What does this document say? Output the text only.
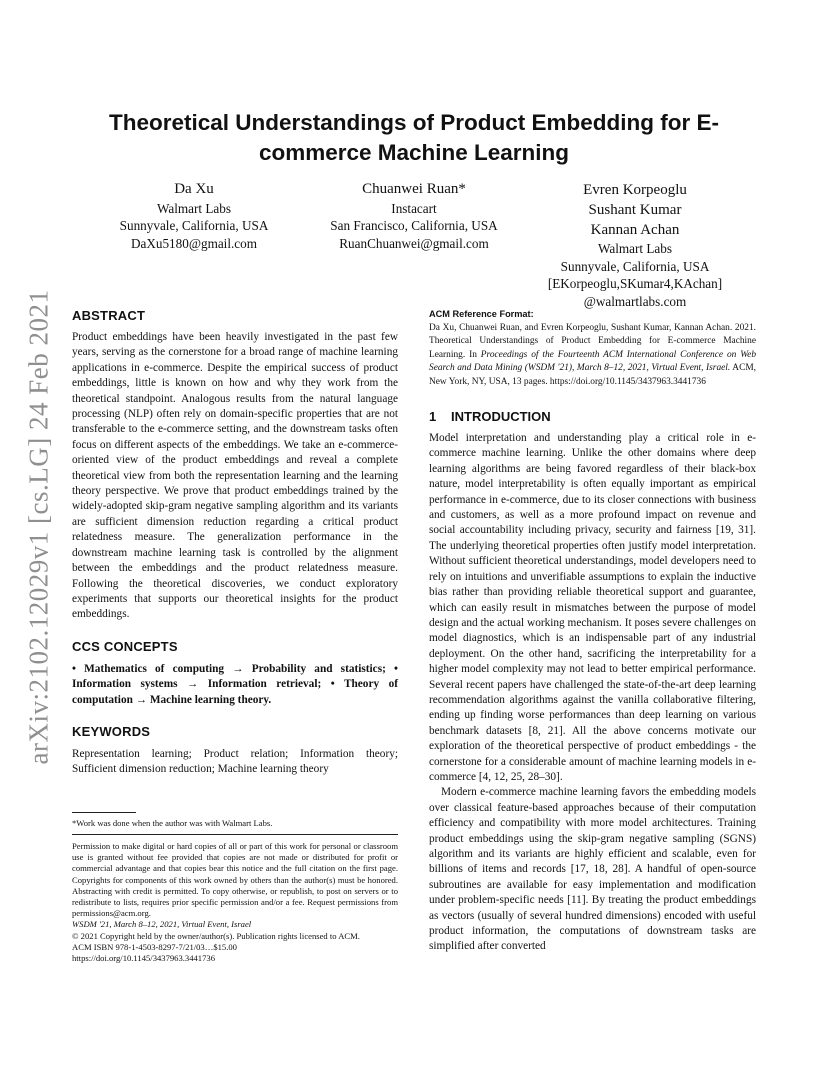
arXiv:2102.12029v1 [cs.LG] 24 Feb 2021
Theoretical Understandings of Product Embedding for E-commerce Machine Learning
Da Xu
Walmart Labs
Sunnyvale, California, USA
DaXu5180@gmail.com
Chuanwei Ruan*
Instacart
San Francisco, California, USA
RuanChuanwei@gmail.com
Evren Korpeoglu
Sushant Kumar
Kannan Achan
Walmart Labs
Sunnyvale, California, USA
[EKorpeoglu,SKumar4,KAchan]
@walmartlabs.com
ABSTRACT

Product embeddings have been heavily investigated in the past few years, serving as the cornerstone for a broad range of machine learning applications in e-commerce. Despite the empirical success of product embeddings, little is known on how and why they work from the theoretical standpoint. Analogous results from the natural language processing (NLP) often rely on domain-specific properties that are not transferable to the e-commerce setting, and the downstream tasks often focus on different aspects of the embeddings. We take an e-commerce-oriented view of the product embeddings and reveal a complete theoretical view from both the representation learning and the learning theory perspective. We prove that product embeddings trained by the widely-adopted skip-gram negative sampling algorithm and its variants are sufficient dimension reduction regarding a critical product relatedness measure. The generalization performance in the downstream machine learning task is controlled by the alignment between the embeddings and the product relatedness measure. Following the theoretical discoveries, we conduct exploratory experiments that supports our theoretical insights for the product embeddings.

CCS CONCEPTS

• Mathematics of computing → Probability and statistics; • Information systems → Information retrieval; • Theory of computation → Machine learning theory.

KEYWORDS

Representation learning; Product relation; Information theory; Sufficient dimension reduction; Machine learning theory

*Work was done when the author was with Walmart Labs.

Permission to make digital or hard copies of all or part of this work for personal or classroom use is granted without fee provided that copies are not made or distributed for profit or commercial advantage and that copies bear this notice and the full citation on the first page. Copyrights for components of this work owned by others than the author(s) must be honored. Abstracting with credit is permitted. To copy otherwise, or republish, to post on servers or to redistribute to lists, requires prior specific permission and/or a fee. Request permissions from permissions@acm.org.

WSDM '21, March 8–12, 2021, Virtual Event, Israel

© 2021 Copyright held by the owner/author(s). Publication rights licensed to ACM.

ACM ISBN 978-1-4503-8297-7/21/03…$15.00

https://doi.org/10.1145/3437963.3441736

ACM Reference Format:

Da Xu, Chuanwei Ruan, and Evren Korpeoglu, Sushant Kumar, Kannan Achan. 2021. Theoretical Understandings of Product Embedding for E-commerce Machine Learning. In Proceedings of the Fourteenth ACM International Conference on Web Search and Data Mining (WSDM '21), March 8–12, 2021, Virtual Event, Israel. ACM, New York, NY, USA, 13 pages. https://doi.org/10.1145/3437963.3441736

1 INTRODUCTION

Model interpretation and understanding play a critical role in e-commerce machine learning. Unlike the other domains where deep learning algorithms are being favored regardless of their black-box nature, model interpretability is often equally important as empirical performance in e-commerce, due to its closer connections with business and customers, as well as a more profound impact on revenue and social accountability including privacy, security and fairness [19, 31]. The underlying theoretical properties often justify model interpretation. Without sufficient theoretical understandings, model developers need to rely on intuitions and unverifiable assumptions to explain the inductive bias rather than providing reliable theoretical support and guarantee, which can easily result in mismatches between the purpose of model design and the actual working mechanism. It poses severe challenges on model diagnostics, which is an indispensable part of any industrial deployment. On the other hand, sacrificing the interpretability for a higher model complexity may not lead to better empirical performance. Several recent papers have challenged the state-of-the-art deep learning recommendation algorithms against the vanilla collaborative filtering, ending up finding worse performances than deep learning on various benchmark datasets [8, 21]. All the above concerns motivate our exploration of the theoretical perspective of product embeddings - the cornerstone for a considerable amount of machine learning models in e-commerce [4, 12, 25, 28–30].

Modern e-commerce machine learning favors the embedding models over classical feature-based approaches because of their computation efficiency and compatibility with more model architectures. Training product embeddings using the skip-gram negative sampling (SGNS) algorithm and its variants are highly efficient and scalable, even for billions of items and records [17, 18, 28]. A handful of open-source subroutines are available for easy implementation and modification under problem-specific needs [11]. By treating the product embeddings as vectors (usually of several hundred dimensions) encoded with useful product information, the computations of downstream tasks are simplified after converted
